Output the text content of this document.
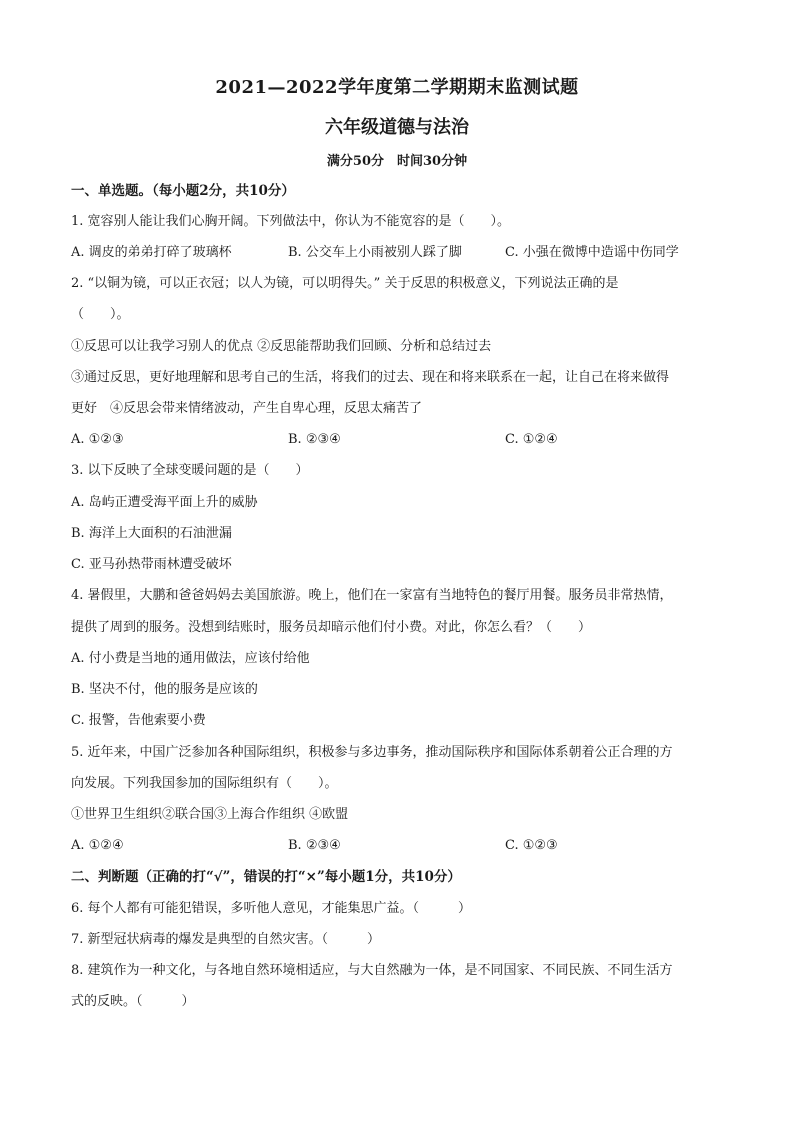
2021—2022学年度第二学期期末监测试题
六年级道德与法治
满分50分　时间30分钟
一、单选题。（每小题2分，共10分）
1. 宽容别人能让我们心胸开阔。下列做法中，你认为不能宽容的是（　　）。
A. 调皮的弟弟打碎了玻璃杯	B. 公交车上小雨被别人踩了脚	C. 小强在微博中造谣中伤同学
2. “以铜为镜，可以正衣冠；以人为镜，可以明得失。” 关于反思的积极意义，下列说法正确的是
（　　）。
①反思可以让我学习别人的优点 ②反思能帮助我们回顾、分析和总结过去
③通过反思，更好地理解和思考自己的生活，将我们的过去、现在和将来联系在一起，让自己在将来做得
更好　④反思会带来情绪波动，产生自卑心理，反思太痛苦了
A. ①②③	B. ②③④	C. ①②④
3. 以下反映了全球变暖问题的是（　　）
A. 岛屿正遭受海平面上升的威胁
B. 海洋上大面积的石油泄漏
C. 亚马孙热带雨林遭受破坏
4. 暑假里，大鹏和爸爸妈妈去美国旅游。晚上，他们在一家富有当地特色的餐厅用餐。服务员非常热情，
提供了周到的服务。没想到结账时，服务员却暗示他们付小费。对此，你怎么看？（　　）
A. 付小费是当地的通用做法，应该付给他
B. 坚决不付，他的服务是应该的
C. 报警，告他索要小费
5. 近年来，中国广泛参加各种国际组织，积极参与多边事务，推动国际秩序和国际体系朝着公正合理的方
向发展。下列我国参加的国际组织有（　　）。
①世界卫生组织②联合国③上海合作组织 ④欧盟
A. ①②④	B. ②③④	C. ①②③
二、判断题（正确的打“√”，错误的打“×”每小题1分，共10分）
6. 每个人都有可能犯错误，多听他人意见，才能集思广益。（　　　）
7. 新型冠状病毒的爆发是典型的自然灾害。（　　　）
8. 建筑作为一种文化，与各地自然环境相适应，与大自然融为一体，是不同国家、不同民族、不同生活方
式的反映。（　　　）
